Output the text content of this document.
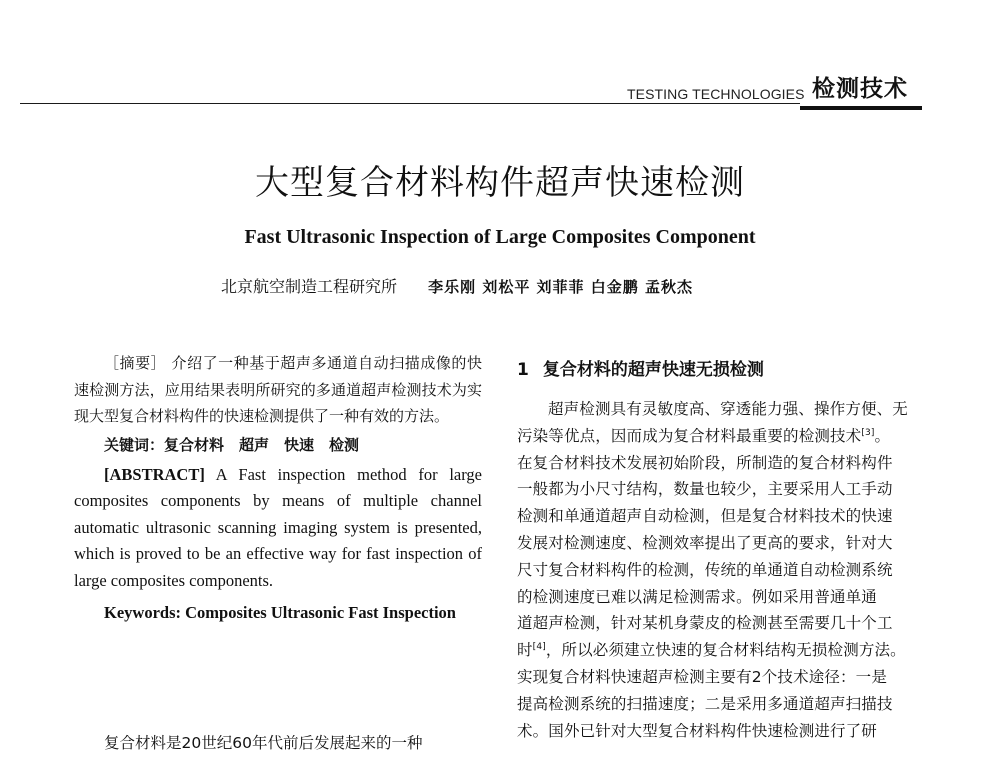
TESTING TECHNOLOGIES 检测技术
大型复合材料构件超声快速检测
Fast Ultrasonic Inspection of Large Composites Component
北京航空制造工程研究所 李乐刚 刘松平 刘菲菲 白金鹏 孟秋杰

［摘要］ 介绍了一种基于超声多通道自动扫描成像的快速检测方法，应用结果表明所研究的多通道超声检测技术为实现大型复合材料构件的快速检测提供了一种有效的方法。

关键词：复合材料　超声　快速　检测

[ABSTRACT] A Fast inspection method for large composites components by means of multiple channel automatic ultrasonic scanning imaging system is presented, which is proved to be an effective way for fast inspection of large composites components.

Keywords: Composites Ultrasonic Fast Inspection

复合材料是20世纪60年代前后发展起来的一种

1 复合材料的超声快速无损检测

超声检测具有灵敏度高、穿透能力强、操作方便、无

污染等优点，因而成为复合材料最重要的检测技术[3]。

在复合材料技术发展初始阶段，所制造的复合材料构件

一般都为小尺寸结构，数量也较少，主要采用人工手动

检测和单通道超声自动检测，但是复合材料技术的快速

发展对检测速度、检测效率提出了更高的要求，针对大

尺寸复合材料构件的检测，传统的单通道自动检测系统

的检测速度已难以满足检测需求。例如采用普通单通

道超声检测，针对某机身蒙皮的检测甚至需要几十个工

时[4]，所以必须建立快速的复合材料结构无损检测方法。

实现复合材料快速超声检测主要有2个技术途径：一是

提高检测系统的扫描速度；二是采用多通道超声扫描技

术。国外已针对大型复合材料构件快速检测进行了研
